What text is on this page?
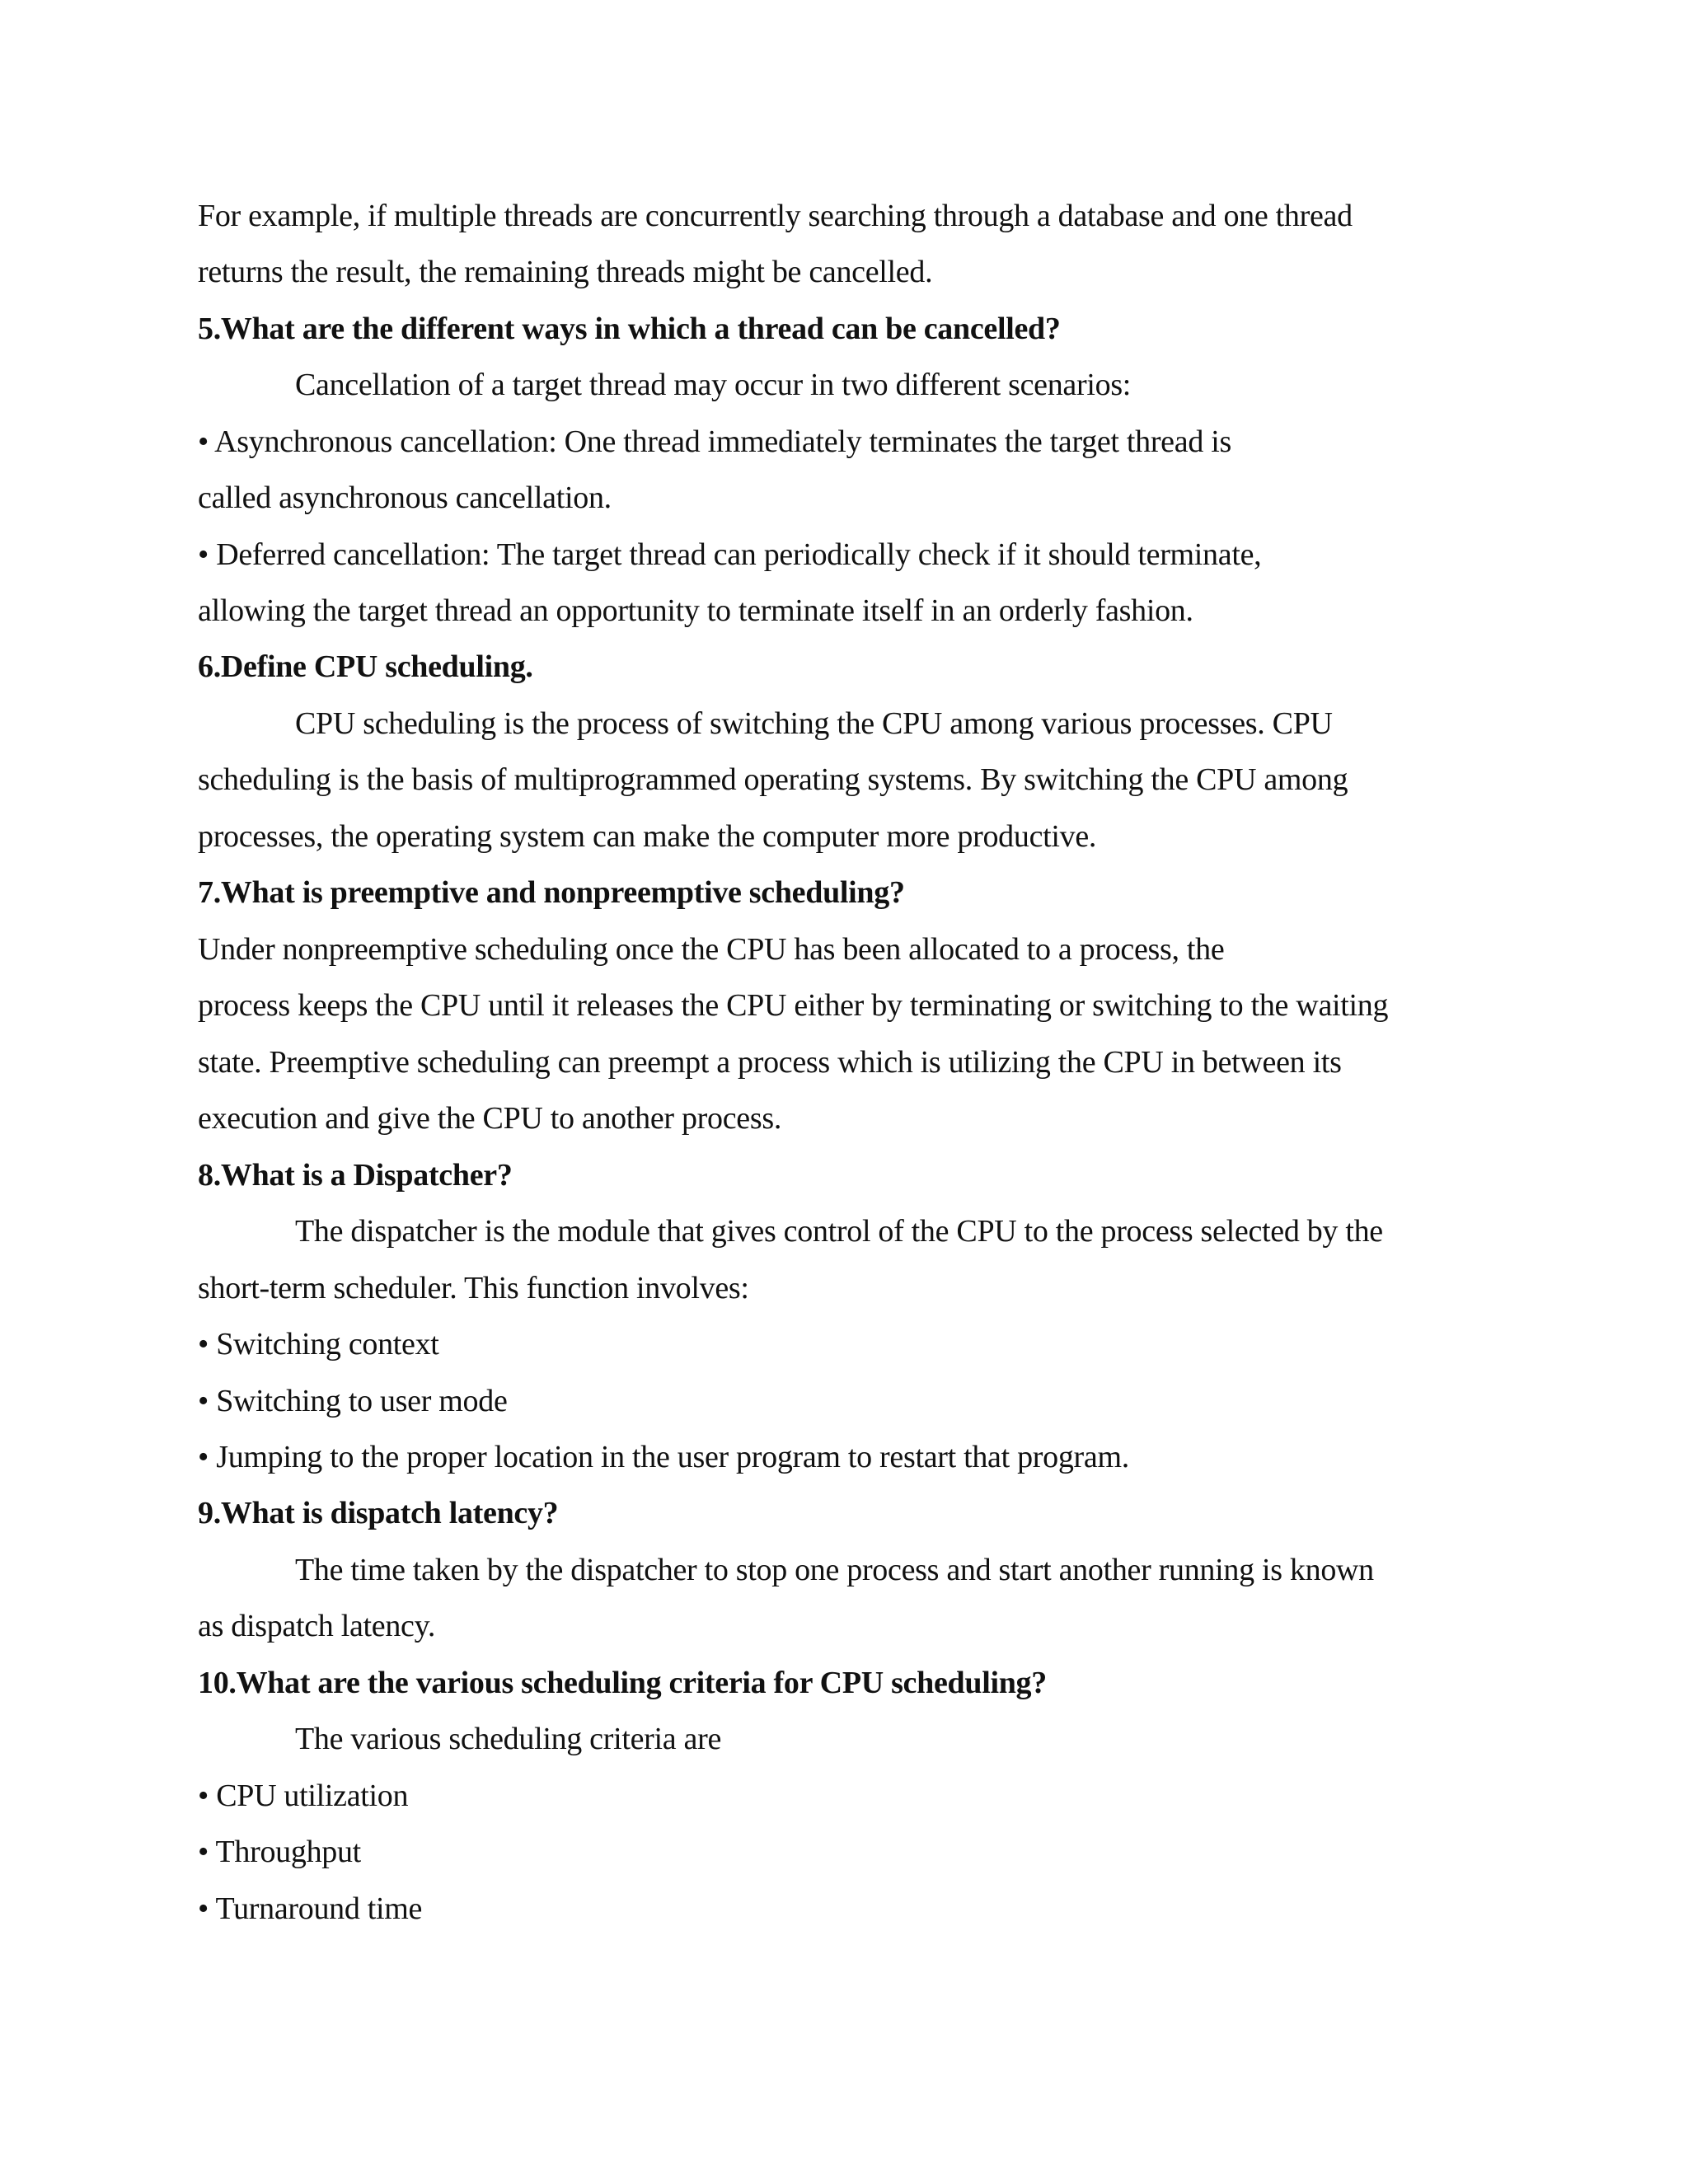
For example, if multiple threads are concurrently searching through a database and one thread
returns the result, the remaining threads might be cancelled.
5.What are the different ways in which a thread can be cancelled?
Cancellation of a target thread may occur in two different scenarios:
• Asynchronous cancellation: One thread immediately terminates the target thread is
called asynchronous cancellation.
• Deferred cancellation: The target thread can periodically check if it should terminate,
allowing the target thread an opportunity to terminate itself in an orderly fashion.
6.Define CPU scheduling.
CPU scheduling is the process of switching the CPU among various processes. CPU
scheduling is the basis of multiprogrammed operating systems. By switching the CPU among
processes, the operating system can make the computer more productive.
7.What is preemptive and nonpreemptive scheduling?
Under nonpreemptive scheduling once the CPU has been allocated to a process, the
process keeps the CPU until it releases the CPU either by terminating or switching to the waiting
state. Preemptive scheduling can preempt a process which is utilizing the CPU in between its
execution and give the CPU to another process.
8.What is a Dispatcher?
The dispatcher is the module that gives control of the CPU to the process selected by the
short-term scheduler. This function involves:
• Switching context
• Switching to user mode
• Jumping to the proper location in the user program to restart that program.
9.What is dispatch latency?
The time taken by the dispatcher to stop one process and start another running is known
as dispatch latency.
10.What are the various scheduling criteria for CPU scheduling?
The various scheduling criteria are
• CPU utilization
• Throughput
• Turnaround time
